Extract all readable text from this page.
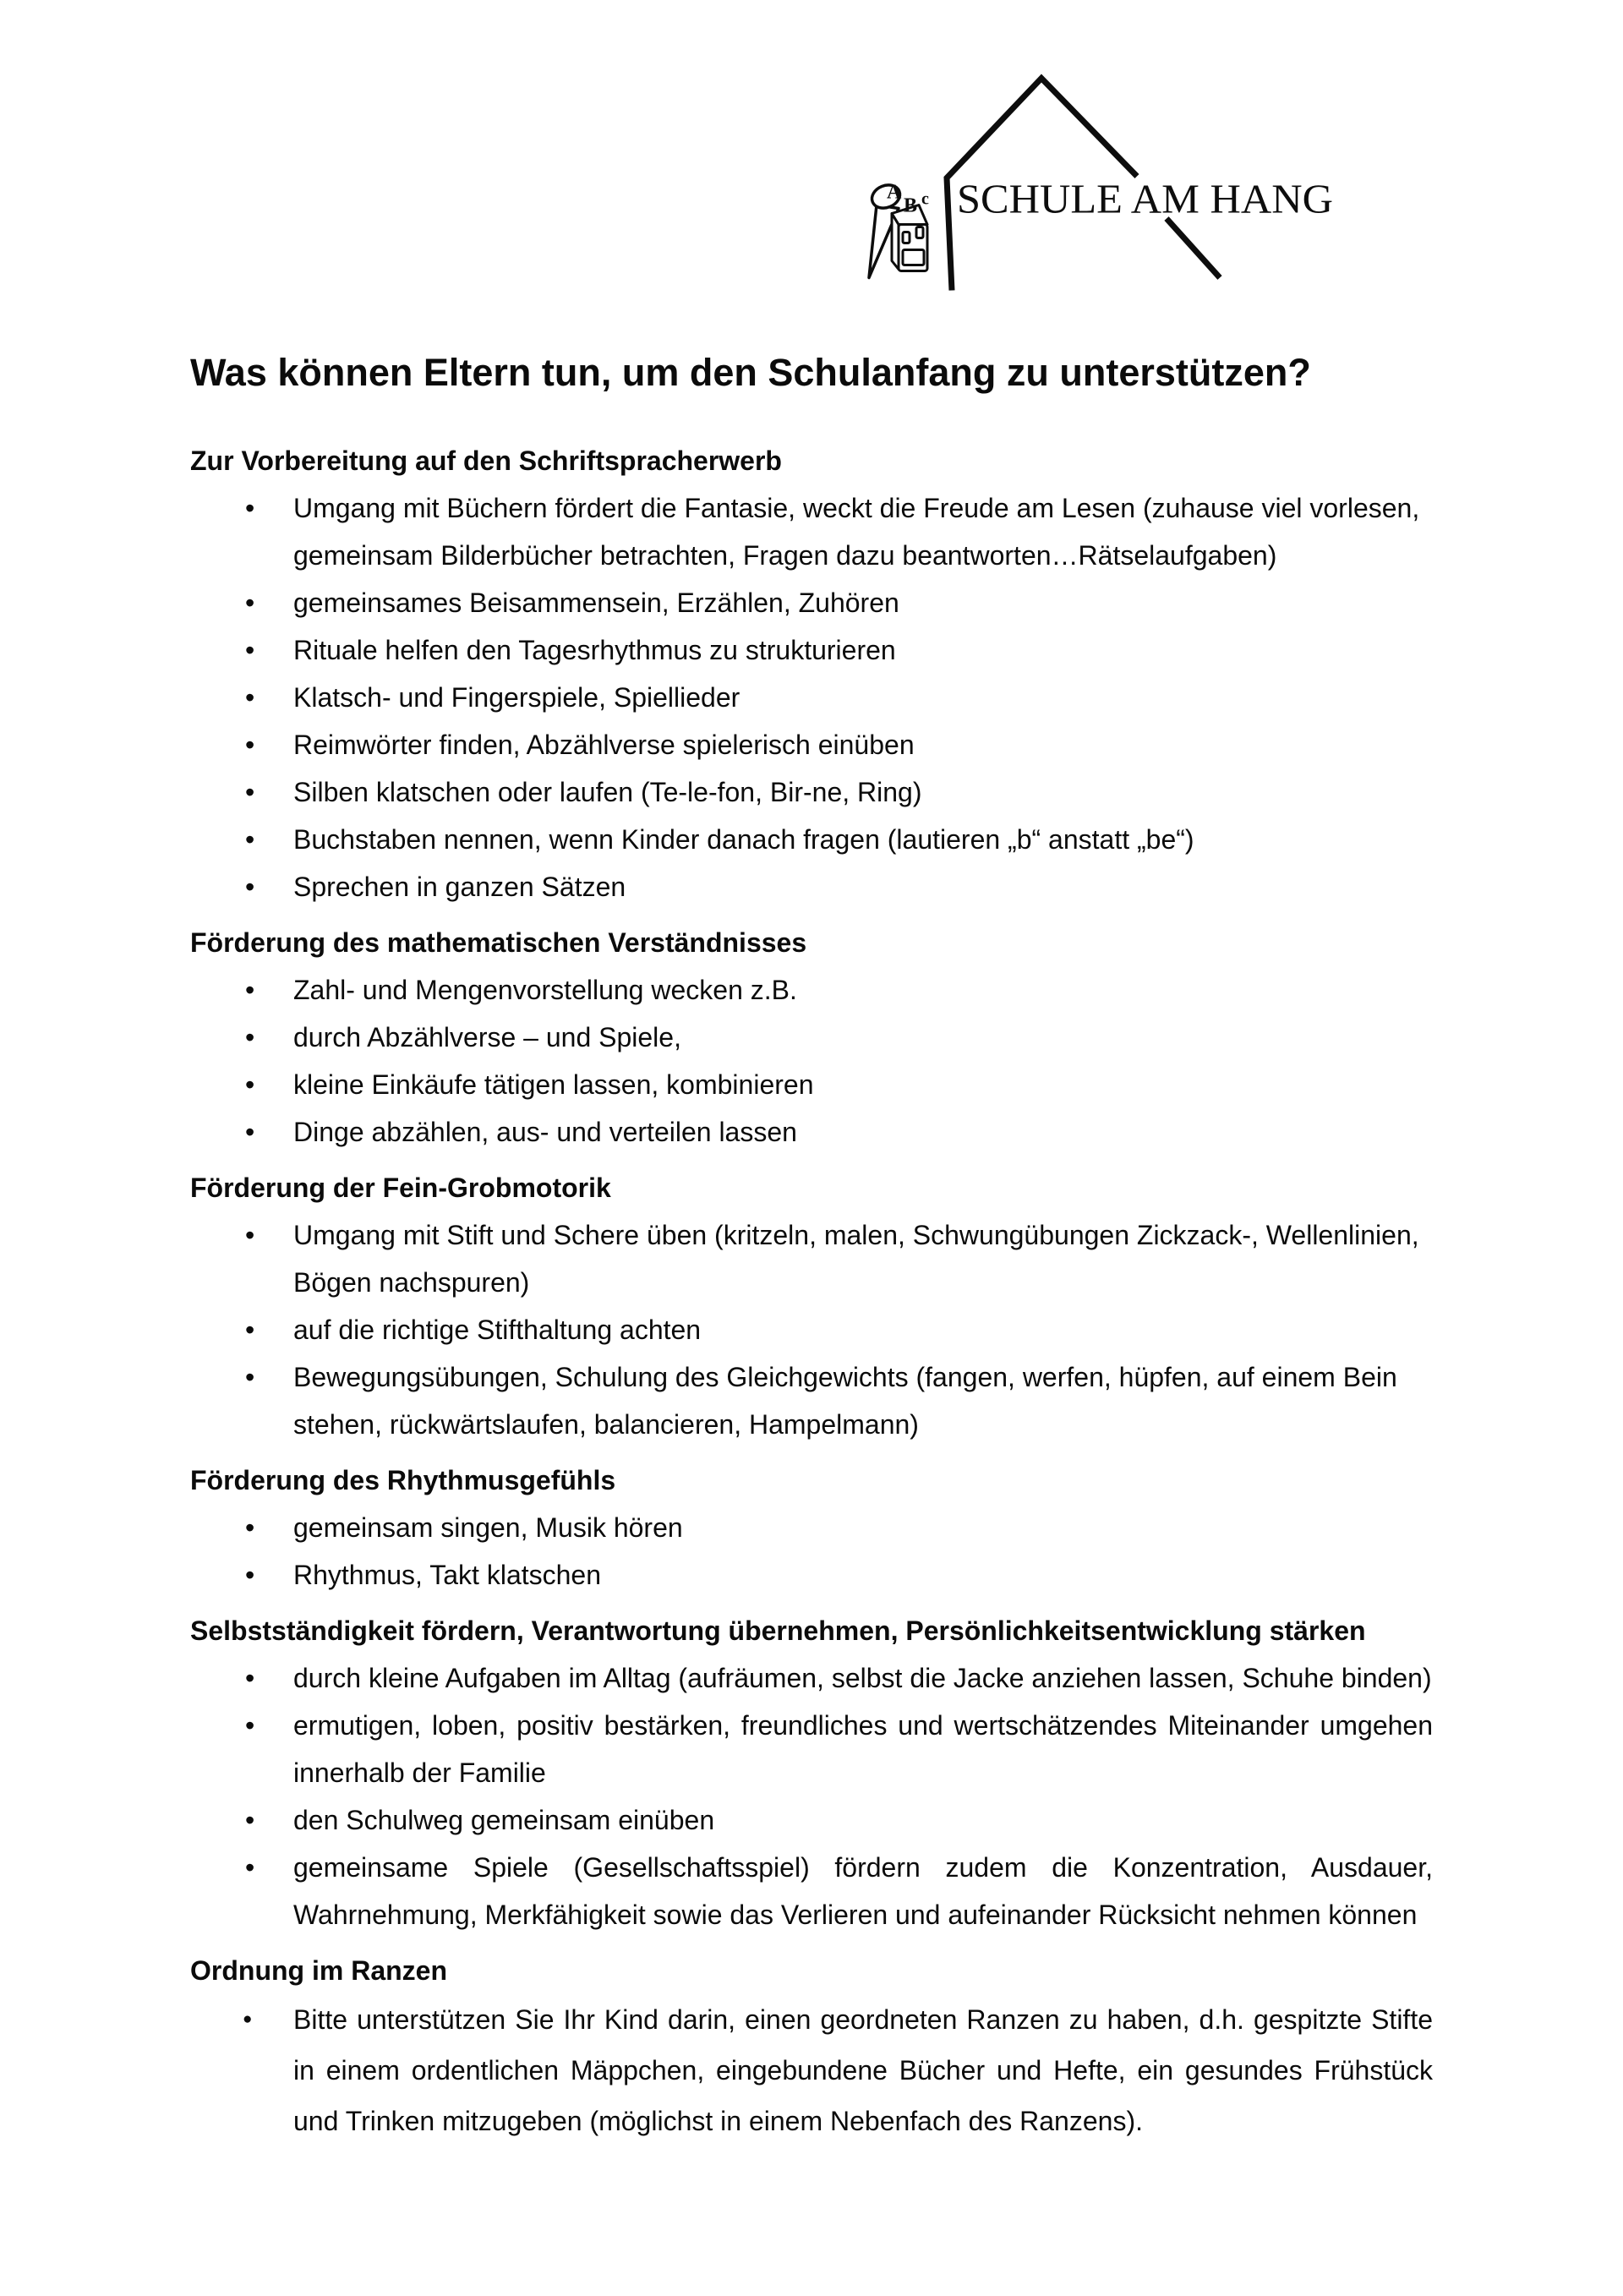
A
B c SCHULE AM HANG
Was können Eltern tun, um den Schulanfang zu unterstützen?
Zur Vorbereitung auf den Schriftspracherwerb
• Umgang mit Büchern fördert die Fantasie, weckt die Freude am Lesen (zuhause viel vorlesen, gemeinsam Bilderbücher betrachten, Fragen dazu beantworten…Rätselaufgaben)
• gemeinsames Beisammensein, Erzählen, Zuhören
• Rituale helfen den Tagesrhythmus zu strukturieren
• Klatsch- und Fingerspiele, Spiellieder
• Reimwörter finden, Abzählverse spielerisch einüben
• Silben klatschen oder laufen (Te-le-fon, Bir-ne, Ring)
• Buchstaben nennen, wenn Kinder danach fragen (lautieren „b“ anstatt „be“)
• Sprechen in ganzen Sätzen
Förderung des mathematischen Verständnisses
• Zahl- und Mengenvorstellung wecken z.B.
• durch Abzählverse – und Spiele,
• kleine Einkäufe tätigen lassen, kombinieren
• Dinge abzählen, aus- und verteilen lassen
Förderung der Fein-Grobmotorik
• Umgang mit Stift und Schere üben (kritzeln, malen, Schwungübungen Zickzack-, Wellenlinien, Bögen nachspuren)
• auf die richtige Stifthaltung achten
• Bewegungsübungen, Schulung des Gleichgewichts (fangen, werfen, hüpfen, auf einem Bein stehen, rückwärtslaufen, balancieren, Hampelmann)
Förderung des Rhythmusgefühls
• gemeinsam singen, Musik hören
• Rhythmus, Takt klatschen
Selbstständigkeit fördern, Verantwortung übernehmen, Persönlichkeitsentwicklung stärken
• durch kleine Aufgaben im Alltag (aufräumen, selbst die Jacke anziehen lassen, Schuhe binden)
• ermutigen, loben, positiv bestärken, freundliches und wertschätzendes Miteinander umgehen innerhalb der Familie
• den Schulweg gemeinsam einüben
• gemeinsame Spiele (Gesellschaftsspiel) fördern zudem die Konzentration, Ausdauer, Wahrnehmung, Merkfähigkeit sowie das Verlieren und aufeinander Rücksicht nehmen können
Ordnung im Ranzen
● Bitte unterstützen Sie Ihr Kind darin, einen geordneten Ranzen zu haben, d.h. gespitzte Stifte in einem ordentlichen Mäppchen, eingebundene Bücher und Hefte, ein gesundes Frühstück und Trinken mitzugeben (möglichst in einem Nebenfach des Ranzens).
